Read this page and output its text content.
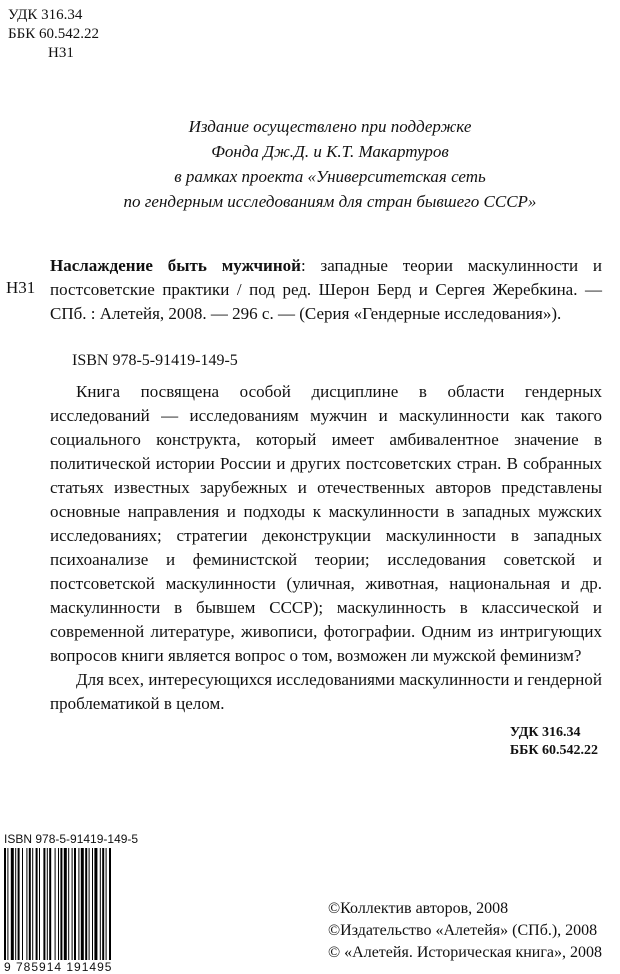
УДК 316.34
ББК 60.542.22
Н31
Издание осуществлено при поддержке
Фонда Дж.Д. и К.Т. Макартуров
в рамках проекта «Университетская сеть
по гендерным исследованиям для стран бывшего СССР»
Н31
Наслаждение быть мужчиной: западные теории маскулинности и постсоветские практики / под ред. Шерон Берд и Сергея Жеребкина. — СПб. : Алетейя, 2008. — 296 с. — (Серия «Гендерные исследования»).
ISBN 978-5-91419-149-5

Книга посвящена особой дисциплине в области гендерных исследований — исследованиям мужчин и маскулинности как такого социального конструкта, который имеет амбивалентное значение в политической истории России и других постсоветских стран. В собранных статьях известных зарубежных и отечественных авторов представлены основные направления и подходы к маскулинности в западных мужских исследованиях; стратегии деконструкции маскулинности в западных психоанализе и феминистской теории; исследования советской и постсоветской маскулинности (уличная, животная, национальная и др. маскулинности в бывшем СССР); маскулинность в классической и современной литературе, живописи, фотографии. Одним из интригующих вопросов книги является вопрос о том, возможен ли мужской феминизм?

Для всех, интересующихся исследованиями маскулинности и гендерной проблематикой в целом.

УДК 316.34
ББК 60.542.22
ISBN 978-5-91419-149-5
9 785914 191495
©Коллектив авторов, 2008
©Издательство «Алетейя» (СПб.), 2008
© «Алетейя. Историческая книга», 2008
